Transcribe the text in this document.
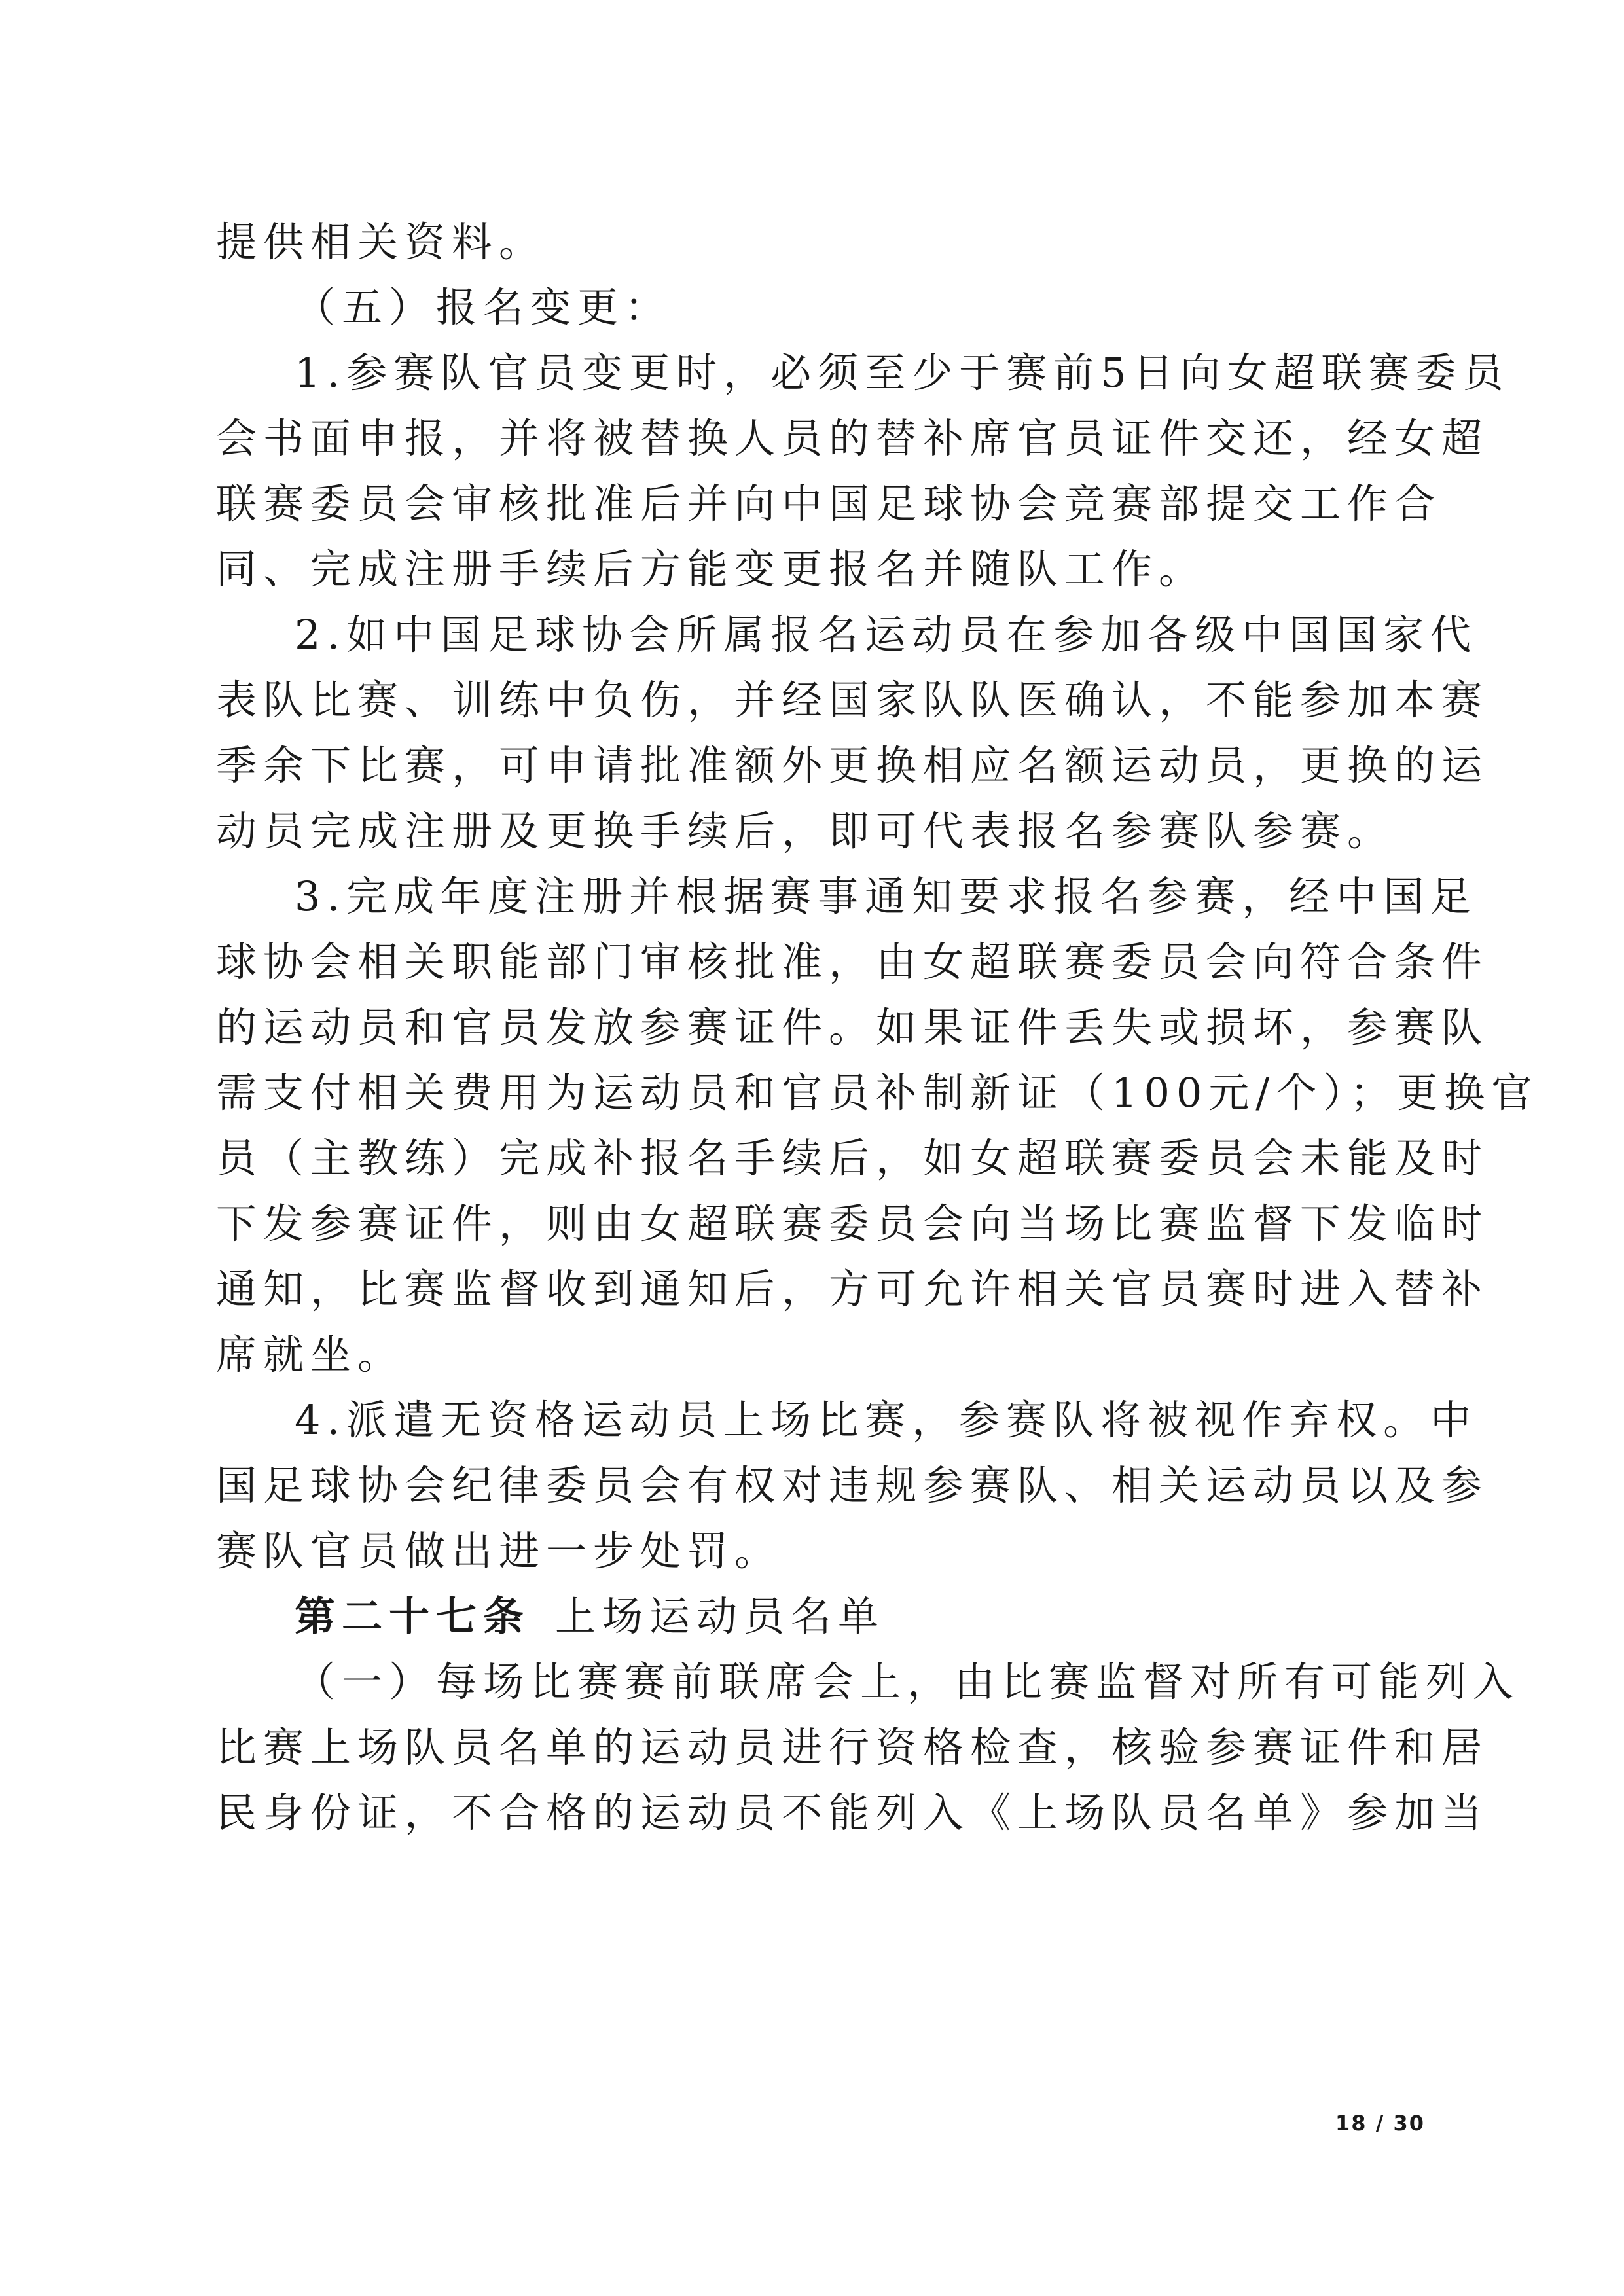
提供相关资料。
（五）报名变更：
1.参赛队官员变更时，必须至少于赛前5日向女超联赛委员
会书面申报，并将被替换人员的替补席官员证件交还，经女超
联赛委员会审核批准后并向中国足球协会竞赛部提交工作合
同、完成注册手续后方能变更报名并随队工作。
2.如中国足球协会所属报名运动员在参加各级中国国家代
表队比赛、训练中负伤，并经国家队队医确认，不能参加本赛
季余下比赛，可申请批准额外更换相应名额运动员，更换的运
动员完成注册及更换手续后，即可代表报名参赛队参赛。
3.完成年度注册并根据赛事通知要求报名参赛，经中国足
球协会相关职能部门审核批准，由女超联赛委员会向符合条件
的运动员和官员发放参赛证件。如果证件丢失或损坏，参赛队
需支付相关费用为运动员和官员补制新证（100元/个）；更换官
员（主教练）完成补报名手续后，如女超联赛委员会未能及时
下发参赛证件，则由女超联赛委员会向当场比赛监督下发临时
通知，比赛监督收到通知后，方可允许相关官员赛时进入替补
席就坐。
4.派遣无资格运动员上场比赛，参赛队将被视作弃权。中
国足球协会纪律委员会有权对违规参赛队、相关运动员以及参
赛队官员做出进一步处罚。
第二十七条 上场运动员名单
（一）每场比赛赛前联席会上，由比赛监督对所有可能列入
比赛上场队员名单的运动员进行资格检查，核验参赛证件和居
民身份证，不合格的运动员不能列入《上场队员名单》参加当
18 / 30
